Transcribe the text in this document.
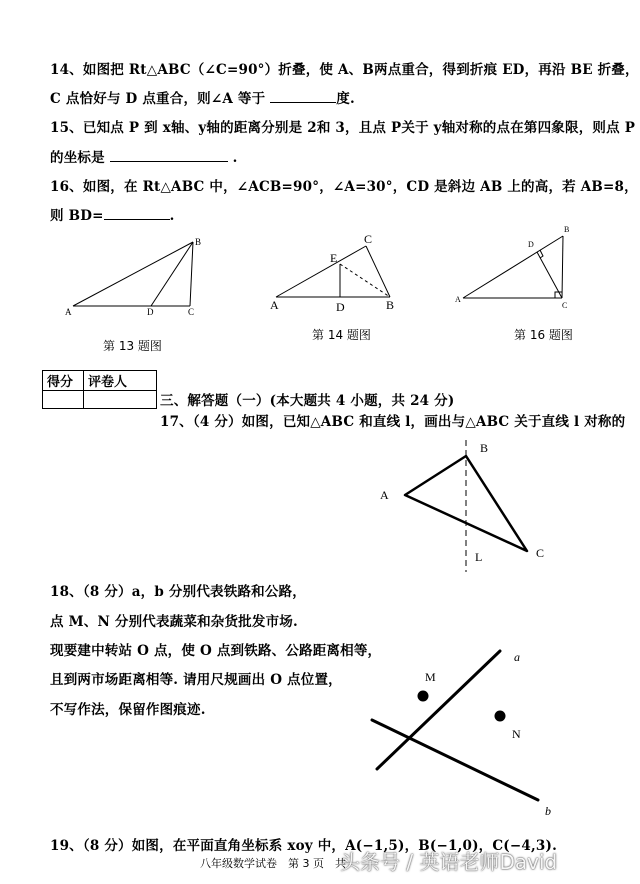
14、如图把 Rt△ABC（∠C=90°）折叠，使 A、B两点重合，得到折痕 ED，再沿 BE 折叠，
C 点恰好与 D 点重合，则∠A 等于	度.
15、已知点 P 到 x轴、y轴的距离分别是 2和 3，且点 P关于 y轴对称的点在第四象限，则点 P
的坐标是	.
16、如图，在 Rt△ABC 中，∠ACB=90°，∠A=30°，CD 是斜边 AB 上的高，若 AB=8，
则 BD=	.
A
B
C
D
第 13 题图
A	B
C
D
E
第 14 题图
A
B
C
D
第 16 题图
得分	评卷人

三、解答题（一）(本大题共 4 小题，共 24 分)
17、（4 分）如图，已知△ABC 和直线 l，画出与△ABC 关于直线 l 对称的
A
B
C
L
18、（8 分）a，b 分别代表铁路和公路，
点 M、N 分别代表蔬菜和杂货批发市场.
现要建中转站 O 点，使 O 点到铁路、公路距离相等，
且到两市场距离相等. 请用尺规画出 O 点位置，
不写作法，保留作图痕迹.
a
b
M
N
19、（8 分）如图，在平面直角坐标系 xoy 中，A(−1,5)，B(−1,0)，C(−4,3).
八年级数学试卷　第 3 页　共
头条号 / 英语老师David
